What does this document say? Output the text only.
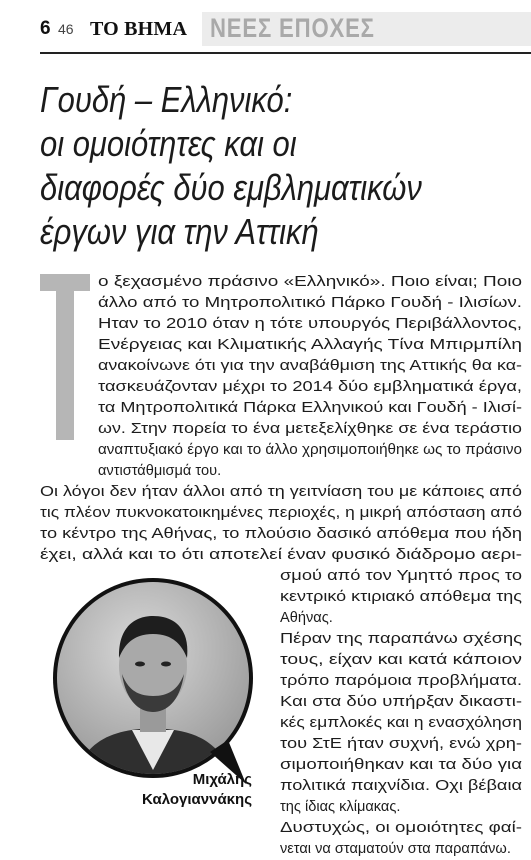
6 46 ΤΟ ΒΗΜΑ ΝΕΕΣ ΕΠΟΧΕΣ
Γουδή – Ελληνικό:
οι ομοιότητες και οι
διαφορές δύο εμβληματικών
έργων για την Αττική
ο ξεχασμένο πράσινο «Ελληνικό». Ποιο είναι; Ποιο
άλλο από το Μητροπολιτικό Πάρκο Γουδή - Ιλισίων.
Ηταν το 2010 όταν η τότε υπουργός Περιβάλλοντος,
Ενέργειας και Κλιματικής Αλλαγής Τίνα Μπιρμπίλη
ανακοίνωνε ότι για την αναβάθμιση της Αττικής θα κα-
τασκευάζονταν μέχρι το 2014 δύο εμβληματικά έργα,
τα Μητροπολιτικά Πάρκα Ελληνικού και Γουδή - Ιλισί-
ων. Στην πορεία το ένα μετεξελίχθηκε σε ένα τεράστιο
αναπτυξιακό έργο και το άλλο χρησιμοποιήθηκε ως το πράσινο
αντιστάθμισμά του.
Οι λόγοι δεν ήταν άλλοι από τη γειτνίαση του με κάποιες από
τις πλέον πυκνοκατοικημένες περιοχές, η μικρή απόσταση από
το κέντρο της Αθήνας, το πλούσιο δασικό απόθεμα που ήδη
έχει, αλλά και το ότι αποτελεί έναν φυσικό διάδρομο αερι-
σμού από τον Υμηττό προς το
κεντρικό κτιριακό απόθεμα της
Αθήνας.
Πέραν της παραπάνω σχέσης
τους, είχαν και κατά κάποιον
τρόπο παρόμοια προβλήματα.
Και στα δύο υπήρξαν δικαστι-
κές εμπλοκές και η ενασχόληση
του ΣτΕ ήταν συχνή, ενώ χρη-
σιμοποιήθηκαν και τα δύο για
πολιτικά παιχνίδια. Οχι βέβαια
της ίδιας κλίμακας.
Δυστυχώς, οι ομοιότητες φαί-
νεται να σταματούν στα παραπάνω.
Μιχάλης
Καλογιαννάκης
